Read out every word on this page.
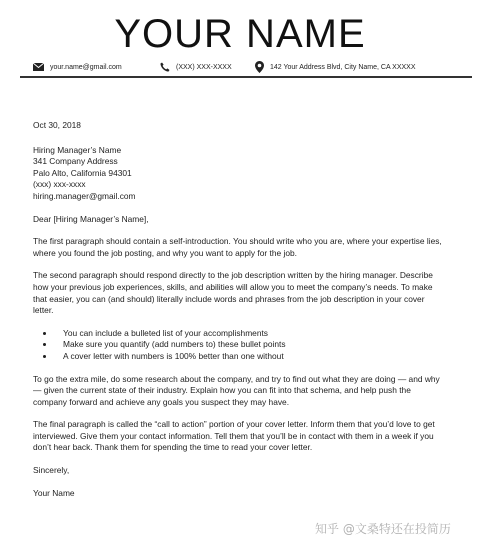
YOUR NAME
your.name@gmail.com	(XXX) XXX-XXXX	142 Your Address Blvd, City Name, CA XXXXX

Oct 30, 2018

Hiring Manager’s Name
341 Company Address
Palo Alto, California 94301
(xxx) xxx-xxxx
hiring.manager@gmail.com

Dear [Hiring Manager’s Name],

The first paragraph should contain a self-introduction. You should write who you are, where your expertise lies, where you found the job posting, and why you want to apply for the job.

The second paragraph should respond directly to the job description written by the hiring manager. Describe how your previous job experiences, skills, and abilities will allow you to meet the company’s needs. To make that easier, you can (and should) literally include words and phrases from the job description in your cover letter.

• You can include a bulleted list of your accomplishments
• Make sure you quantify (add numbers to) these bullet points
• A cover letter with numbers is 100% better than one without

To go the extra mile, do some research about the company, and try to find out what they are doing — and why — given the current state of their industry. Explain how you can fit into that schema, and help push the company forward and achieve any goals you suspect they may have.

The final paragraph is called the “call to action” portion of your cover letter. Inform them that you’d love to get interviewed. Give them your contact information. Tell them that you’ll be in contact with them in a week if you don’t hear back. Thank them for spending the time to read your cover letter.

Sincerely,

Your Name

知乎 @文桑特还在投简历
